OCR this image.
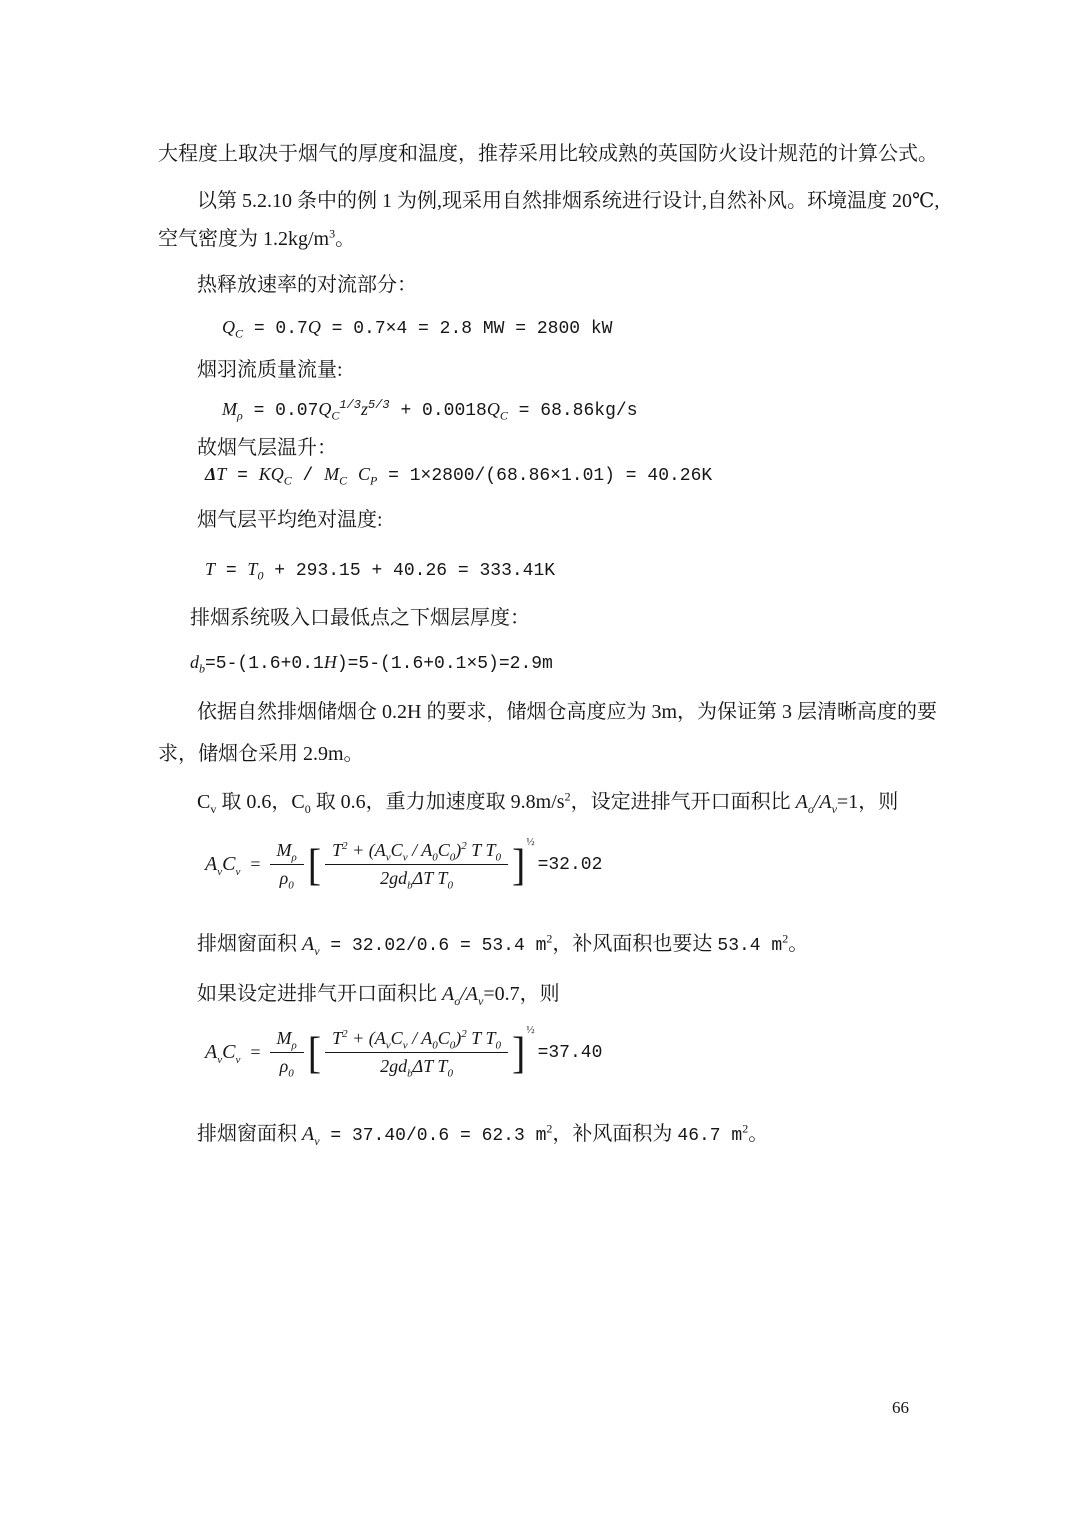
大程度上取决于烟气的厚度和温度，推荐采用比较成熟的英国防火设计规范的计算公式。
以第 5.2.10 条中的例 1 为例,现采用自然排烟系统进行设计,自然补风。环境温度 20℃,
空气密度为 $1.2kg/m^3$。
热释放速率的对流部分：
$Q_C = 0.7Q = 0.7\times 4 = 2.8$ MW = 2800 kW
烟羽流质量流量:
$M_\rho = 0.07Q_C^{1/3}z^{5/3} + 0.0018Q_C = 68.86kg/s$
故烟气层温升：
$\Delta T = KQ_C / M_C$ $C_P = 1\times 2800/(68.86\times 1.01) = 40.26K$
烟气层平均绝对温度:
$T = T_0 + 293.15 + 40.26 = 333.41K$
排烟系统吸入口最低点之下烟层厚度：
$d_b=5-(1.6+0.1H)=5-(1.6+0.1\times 5)=2.9m$
依据自然排烟储烟仓 0.2H 的要求，储烟仓高度应为 3m，为保证第 3 层清晰高度的要
求，储烟仓采用 2.9m。
$C_v$ 取 0.6，$C_0$ 取 0.6，重力加速度取 $9.8m/s^2$，设定进排气开口面积比 $A_o/A_v=1$，则
$A_vC_v = \frac{M_\rho}{\rho_0}$ [ $\frac{T^2 + (A_vC_v / A_0C_0)^2 T T_0}{2gd_b\Delta T T_0}$ ] ½
=32.02
排烟窗面积 $A_v = 32.02/0.6 = 53.4$ $m^2$，补风面积也要达 53.4 $m^2$。
如果设定进排气开口面积比 $A_o/A_v=0.7$，则
$A_vC_v = \frac{M_\rho}{\rho_0}$ [ $\frac{T^2 + (A_vC_v / A_0C_0)^2 T T_0}{2gd_b\Delta T T_0}$ ] ½
=37.40
排烟窗面积 $A_v = 37.40/0.6 = 62.3$ $m^2$，补风面积为 46.7 $m^2$。
66
